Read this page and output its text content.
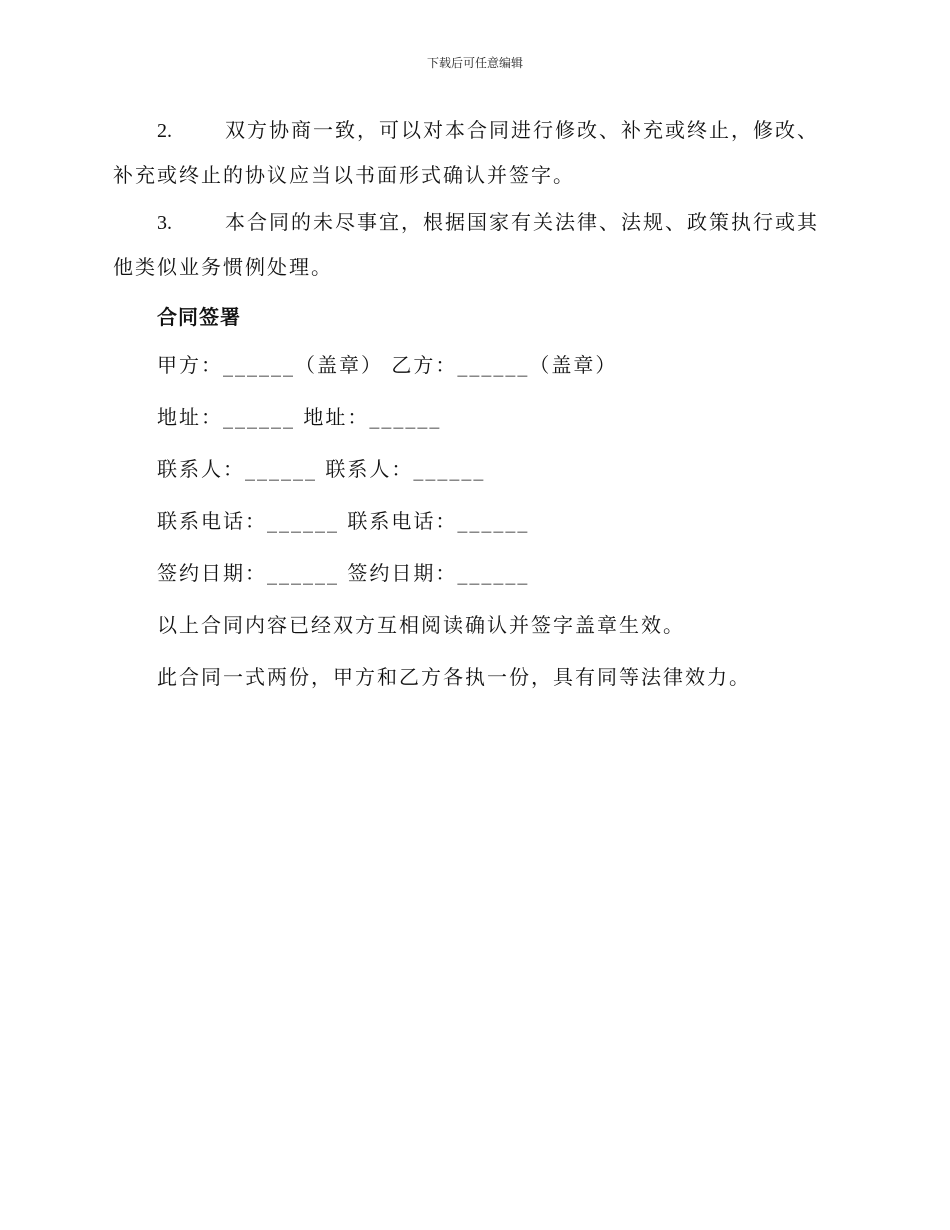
下载后可任意编辑

2.	双方协商一致，可以对本合同进行修改、补充或终止，修改、补充或终止的协议应当以书面形式确认并签字。

3.	本合同的未尽事宜，根据国家有关法律、法规、政策执行或其他类似业务惯例处理。

合同签署
甲方：______（盖章） 乙方：______（盖章）
地址：______ 地址：______
联系人：______ 联系人：______
联系电话：______ 联系电话：______
签约日期：______ 签约日期：______
以上合同内容已经双方互相阅读确认并签字盖章生效。
此合同一式两份，甲方和乙方各执一份，具有同等法律效力。
